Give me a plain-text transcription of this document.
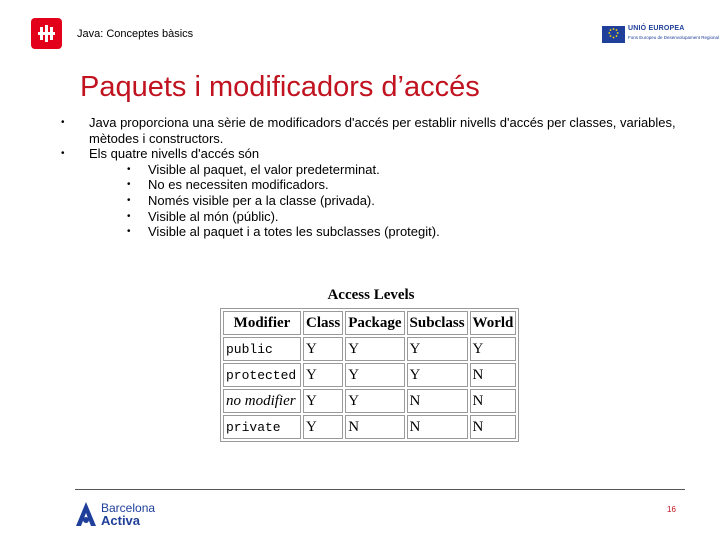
Java: Conceptes bàsics	UNIÓ EUROPEA
Fons Europeu de Desenvolupament Regional
Paquets i modificadors d’accés
• Java proporciona una sèrie de modificadors d'accés per establir nivells d'accés per classes, variables, mètodes i constructors.
• Els quatre nivells d'accés són
• Visible al paquet, el valor predeterminat.
• No es necessiten modificadors.
• Només visible per a la classe (privada).
• Visible al món (públic).
• Visible al paquet i a totes les subclasses (protegit).
Access Levels
Modifier	Class	Package	Subclass	World
public	Y	Y	Y	Y
protected	Y	Y	Y	N
no modifier	Y	Y	N	N
private	Y	N	N	N
Barcelona
Activa
16
